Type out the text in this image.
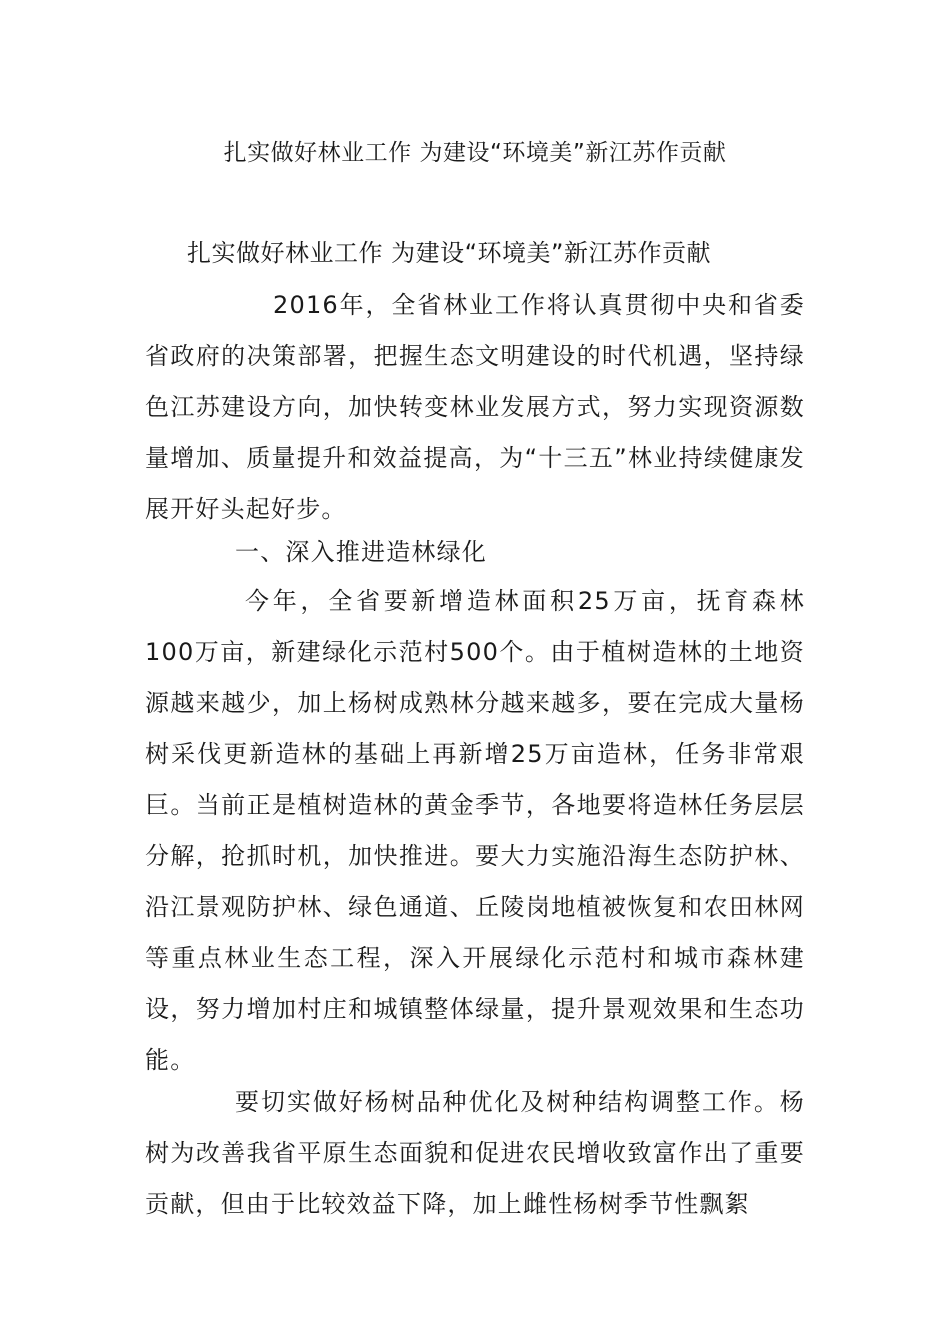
扎实做好林业工作 为建设“环境美”新江苏作贡献
扎实做好林业工作 为建设“环境美”新江苏作贡献

2016年，全省林业工作将认真贯彻中央和省委省政府的决策部署，把握生态文明建设的时代机遇，坚持绿色江苏建设方向，加快转变林业发展方式，努力实现资源数量增加、质量提升和效益提高，为“十三五”林业持续健康发展开好头起好步。

一、深入推进造林绿化

今年，全省要新增造林面积25万亩，抚育森林100万亩，新建绿化示范村500个。由于植树造林的土地资源越来越少，加上杨树成熟林分越来越多，要在完成大量杨树采伐更新造林的基础上再新增25万亩造林，任务非常艰巨。当前正是植树造林的黄金季节，各地要将造林任务层层分解，抢抓时机，加快推进。要大力实施沿海生态防护林、沿江景观防护林、绿色通道、丘陵岗地植被恢复和农田林网等重点林业生态工程，深入开展绿化示范村和城市森林建设，努力增加村庄和城镇整体绿量，提升景观效果和生态功能。

要切实做好杨树品种优化及树种结构调整工作。杨树为改善我省平原生态面貌和促进农民增收致富作出了重要贡献，但由于比较效益下降，加上雌性杨树季节性飘絮
